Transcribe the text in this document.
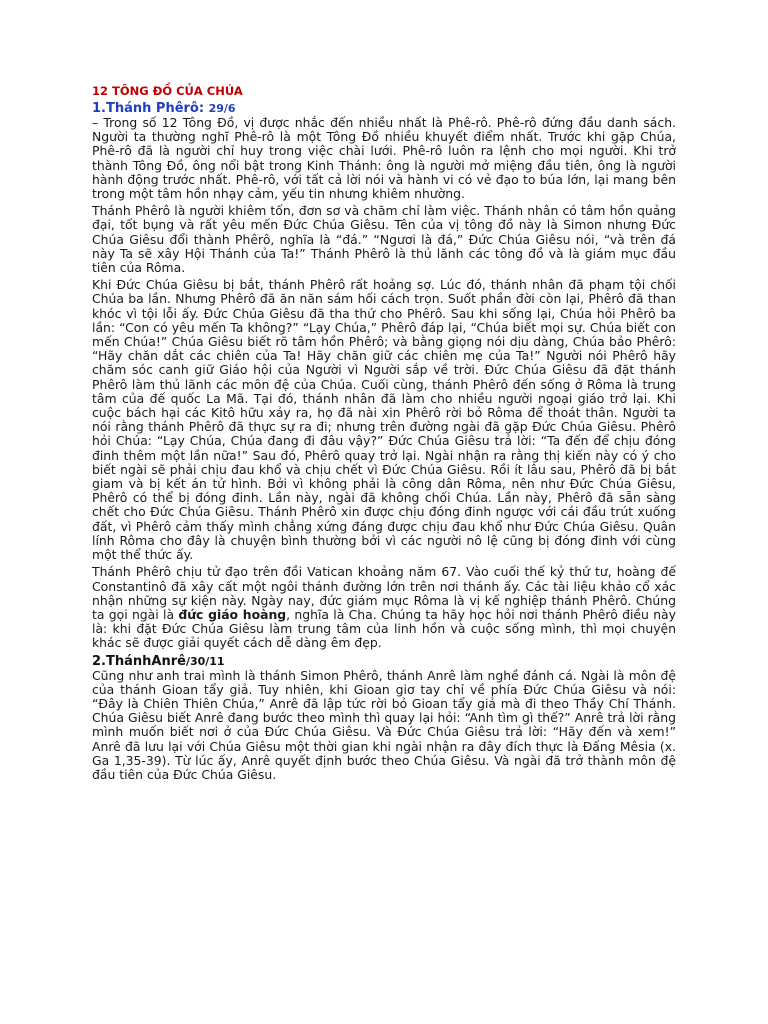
12 TÔNG ĐỒ CỦA CHÚA
1.Thánh Phêrô: 29/6

– Trong số 12 Tông Đồ, vị được nhắc đến nhiều nhất là Phê-rô. Phê-rô đứng đầu danh sách. Người ta thường nghĩ Phê-rô là một Tông Đồ nhiều khuyết điểm nhất. Trước khi gặp Chúa, Phê-rô đã là người chỉ huy trong việc chài lưới. Phê-rô luôn ra lệnh cho mọi người. Khi trở thành Tông Đồ, ông nổi bật trong Kinh Thánh: ông là người mở miệng đầu tiên, ông là người hành động trước nhất. Phê-rô, với tất cả lời nói và hành vi có vẻ đạo to búa lớn, lại mang bên trong một tâm hồn nhạy cảm, yếu tin nhưng khiêm nhường.

Thánh Phêrô là người khiêm tốn, đơn sơ và chăm chỉ làm việc. Thánh nhân có tâm hồn quảng đại, tốt bụng và rất yêu mến Đức Chúa Giêsu. Tên của vị tông đồ này là Simon nhưng Đức Chúa Giêsu đổi thành Phêrô, nghĩa là “đá.” “Ngươi là đá,” Đức Chúa Giêsu nói, “và trên đá này Ta sẽ xây Hội Thánh của Ta!” Thánh Phêrô là thủ lãnh các tông đồ và là giám mục đầu tiên của Rôma.

Khi Đức Chúa Giêsu bị bắt, thánh Phêrô rất hoảng sợ. Lúc đó, thánh nhân đã phạm tội chối Chúa ba lần. Nhưng Phêrô đã ăn năn sám hối cách trọn. Suốt phần đời còn lại, Phêrô đã than khóc vì tội lỗi ấy. Đức Chúa Giêsu đã tha thứ cho Phêrô. Sau khi sống lại, Chúa hỏi Phêrô ba lần: “Con có yêu mến Ta không?” “Lạy Chúa,” Phêrô đáp lại, “Chúa biết mọi sự. Chúa biết con mến Chúa!” Chúa Giêsu biết rõ tâm hồn Phêrô; và bằng giọng nói dịu dàng, Chúa bảo Phêrô: “Hãy chăn dắt các chiên của Ta! Hãy chăn giữ các chiên mẹ của Ta!” Người nói Phêrô hãy chăm sóc canh giữ Giáo hội của Người vì Người sắp về trời. Đức Chúa Giêsu đã đặt thánh Phêrô làm thủ lãnh các môn đệ của Chúa. Cuối cùng, thánh Phêrô đến sống ở Rôma là trung tâm của đế quốc La Mã. Tại đó, thánh nhân đã làm cho nhiều người ngoại giáo trở lại. Khi cuộc bách hại các Kitô hữu xảy ra, họ đã nài xin Phêrô rời bỏ Rôma để thoát thân. Người ta nói rằng thánh Phêrô đã thực sự ra đi; nhưng trên đường ngài đã gặp Đức Chúa Giêsu. Phêrô hỏi Chúa: “Lạy Chúa, Chúa đang đi đâu vậy?” Đức Chúa Giêsu trả lời: “Ta đến để chịu đóng đinh thêm một lần nữa!” Sau đó, Phêrô quay trở lại. Ngài nhận ra rằng thị kiến này có ý cho biết ngài sẽ phải chịu đau khổ và chịu chết vì Đức Chúa Giêsu. Rồi ít lâu sau, Phêrô đã bị bắt giam và bị kết án tử hình. Bởi vì không phải là công dân Rôma, nên như Đức Chúa Giêsu, Phêrô có thể bị đóng đinh. Lần này, ngài đã không chối Chúa. Lần này, Phêrô đã sẵn sàng chết cho Đức Chúa Giêsu. Thánh Phêrô xin được chịu đóng đinh ngược với cái đầu trút xuống đất, vì Phêrô cảm thấy mình chẳng xứng đáng được chịu đau khổ như Đức Chúa Giêsu. Quân lính Rôma cho đây là chuyện bình thường bởi vì các người nô lệ cũng bị đóng đinh với cùng một thể thức ấy.

Thánh Phêrô chịu tử đạo trên đồi Vatican khoảng năm 67. Vào cuối thế kỷ thứ tư, hoàng đế Constantinô đã xây cất một ngôi thánh đường lớn trên nơi thánh ấy. Các tài liệu khảo cổ xác nhận những sự kiện này. Ngày nay, đức giám mục Rôma là vị kế nghiệp thánh Phêrô. Chúng ta gọi ngài là đức giáo hoàng, nghĩa là Cha. Chúng ta hãy học hỏi nơi thánh Phêrô điều này là: khi đặt Đức Chúa Giêsu làm trung tâm của linh hồn và cuộc sống mình, thì mọi chuyện khác sẽ được giải quyết cách dễ dàng êm đẹp.

2.ThánhAnrê/30/11

Cũng như anh trai mình là thánh Simon Phêrô, thánh Anrê làm nghề đánh cá. Ngài là môn đệ của thánh Gioan tẩy giả. Tuy nhiên, khi Gioan giơ tay chỉ về phía Đức Chúa Giêsu và nói: “Đây là Chiên Thiên Chúa,” Anrê đã lập tức rời bỏ Gioan tẩy giả mà đi theo Thầy Chí Thánh. Chúa Giêsu biết Anrê đang bước theo mình thì quay lại hỏi: “Anh tìm gì thế?” Anrê trả lời rằng mình muốn biết nơi ở của Đức Chúa Giêsu. Và Đức Chúa Giêsu trả lời: “Hãy đến và xem!” Anrê đã lưu lại với Chúa Giêsu một thời gian khi ngài nhận ra đây đích thực là Đấng Mêsia (x. Ga 1,35-39). Từ lúc ấy, Anrê quyết định bước theo Chúa Giêsu. Và ngài đã trở thành môn đệ đầu tiên của Đức Chúa Giêsu.
